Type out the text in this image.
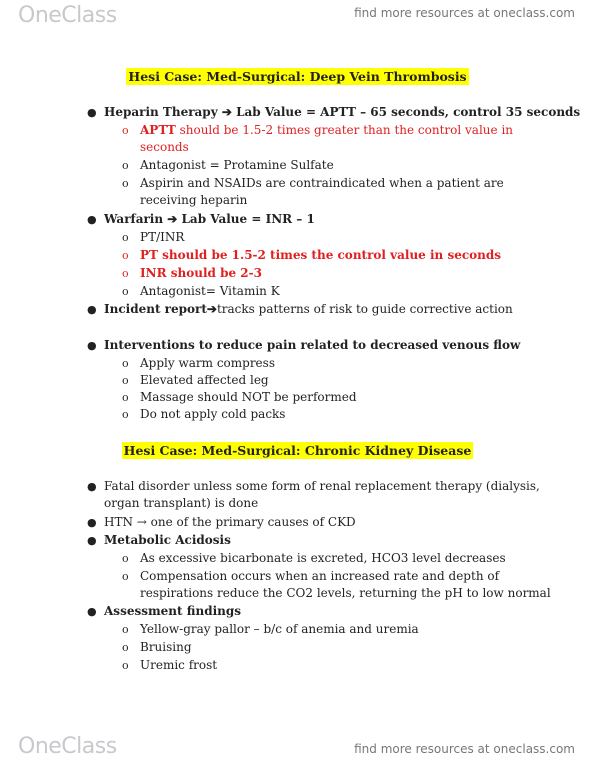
OneClass	find more resources at oneclass.com
Hesi Case: Med-Surgical: Deep Vein Thrombosis
● Heparin Therapy ➔ Lab Value = APTT – 65 seconds, control 35 seconds
o APTT should be 1.5-2 times greater than the control value in
seconds
o Antagonist = Protamine Sulfate
o Aspirin and NSAIDs are contraindicated when a patient are
receiving heparin
● Warfarin ➔ Lab Value = INR – 1
o PT/INR
o PT should be 1.5-2 times the control value in seconds
o INR should be 2-3
o Antagonist= Vitamin K
● Incident report➔tracks patterns of risk to guide corrective action
● Interventions to reduce pain related to decreased venous flow
o Apply warm compress
o Elevated affected leg
o Massage should NOT be performed
o Do not apply cold packs
Hesi Case: Med-Surgical: Chronic Kidney Disease
● Fatal disorder unless some form of renal replacement therapy (dialysis,
organ transplant) is done
● HTN → one of the primary causes of CKD
● Metabolic Acidosis
o As excessive bicarbonate is excreted, HCO3 level decreases
o Compensation occurs when an increased rate and depth of
respirations reduce the CO2 levels, returning the pH to low normal
● Assessment findings
o Yellow-gray pallor – b/c of anemia and uremia
o Bruising
o Uremic frost
OneClass	find more resources at oneclass.com
